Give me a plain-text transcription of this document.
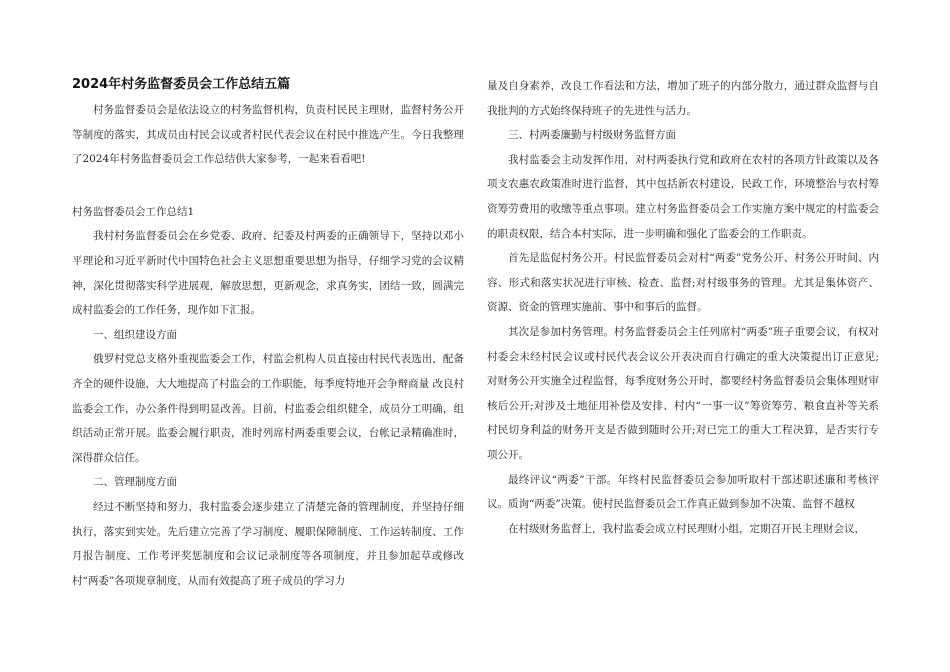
2024年村务监督委员会工作总结五篇

村务监督委员会是依法设立的村务监督机构，负责村民民主理财，监督村务公开等制度的落实，其成员由村民会议或者村民代表会议在村民中推选产生。今日我整理了2024年村务监督委员会工作总结供大家参考，一起来看看吧!

村务监督委员会工作总结1

我村村务监督委员会在乡党委、政府、纪委及村两委的正确领导下，坚持以邓小平理论和习近平新时代中国特色社会主义思想重要思想为指导，仔细学习党的会议精神，深化贯彻落实科学进展观，解放思想，更新观念，求真务实，团结一致，圆满完成村监委会的工作任务，现作如下汇报。

一、组织建设方面

俄罗村党总支格外重视监委会工作，村监会机构人员直接由村民代表选出，配备齐全的硬件设施，大大地提高了村监会的工作职能，每季度特地开会争辩商量 改良村监委会工作，办公条件得到明显改善。目前，村监委会组织健全，成员分工明确，组织活动正常开展。监委会履行职责，准时列席村两委重要会议，台帐记录精确准时，深得群众信任。

二、管理制度方面

经过不断坚持和努力，我村监委会逐步建立了清楚完备的管理制度，并坚持仔细执行，落实到实处。先后建立完善了学习制度、履职保障制度、工作运转制度、工作月报告制度、工作考评奖惩制度和会议记录制度等各项制度，并且参加起草或修改村“两委”各项规章制度，从而有效提高了班子成员的学习力

量及自身素养，改良工作看法和方法，增加了班子的内部分散力，通过群众监督与自我批判的方式始终保持班子的先进性与活力。

三、村两委廉勤与村级财务监督方面

我村监委会主动发挥作用，对村两委执行党和政府在农村的各项方针政策以及各项支农惠农政策准时进行监督，其中包括新农村建设，民政工作，环境整治与农村筹资筹劳费用的收缴等重点事项。建立村务监督委员会工作实施方案中规定的村监委会的职责权限，结合本村实际，进一步明确和强化了监委会的工作职责。

首先是监促村务公开。村民监督委员会对村“两委”党务公开、村务公开时间、内容、形式和落实状况进行审核、检查、监督;对村级事务的管理。尤其是集体资产、资源、资金的管理实施前、事中和事后的监督。

其次是参加村务管理。村务监督委员会主任列席村“两委”班子重要会议，有权对村委会未经村民会议或村民代表会议公开表决而自行确定的重大决策提出订正意见;对财务公开实施全过程监督，每季度财务公开时，都要经村务监督委员会集体理财审核后公开;对涉及土地征用补偿及安排、村内“一事一议”筹资筹劳、粮食直补等关系村民切身利益的财务开支是否做到随时公开;对已完工的重大工程决算，是否实行专项公开。

最终评议“两委”干部。年终村民监督委员会参加听取村干部述职述廉和考核评议。质询“两委”决策。使村民监督委员会工作真正做到参加不决策、监督不越权

在村级财务监督上，我村监委会成立村民理财小组，定期召开民主理财会议，
